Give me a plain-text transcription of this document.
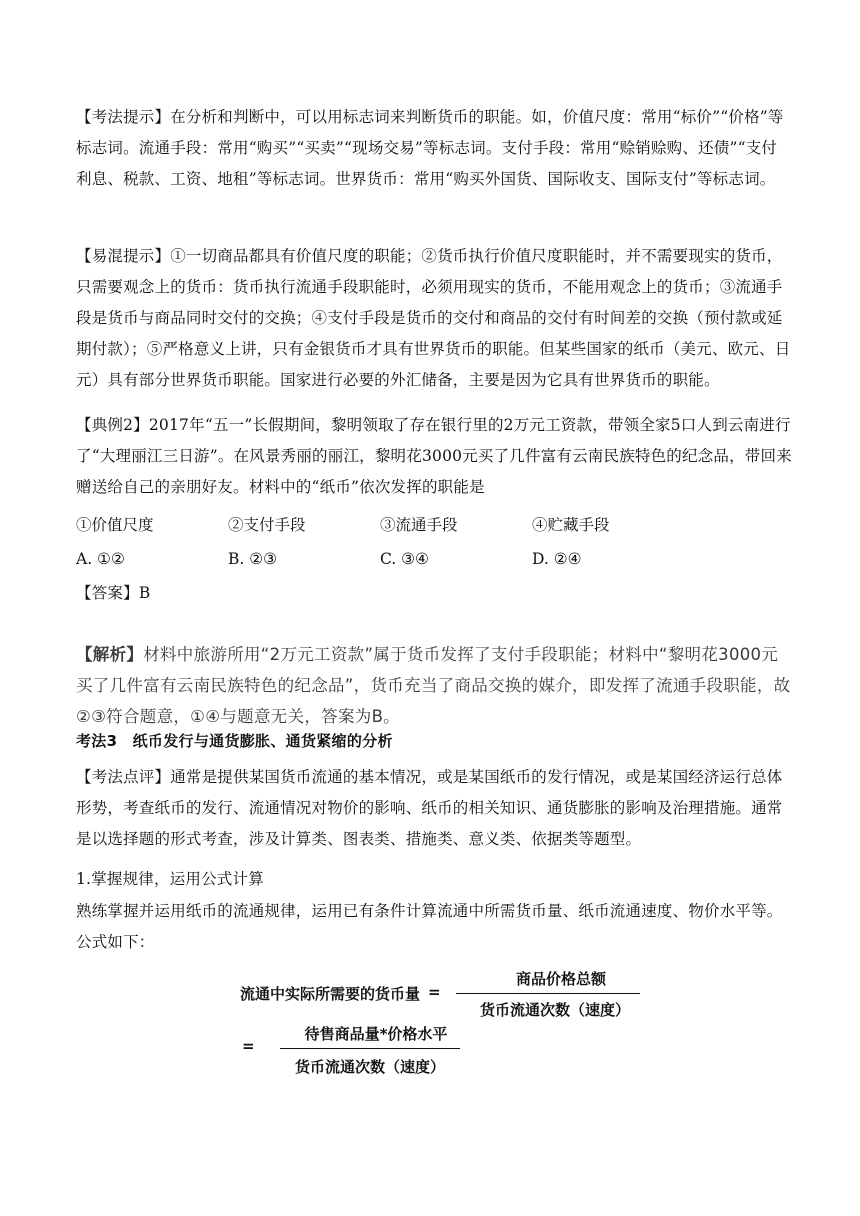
【考法提示】在分析和判断中，可以用标志词来判断货币的职能。如，价值尺度：常用“标价”“价格”等标志词。流通手段：常用“购买”“买卖”“现场交易”等标志词。支付手段：常用“赊销赊购、还债”“支付利息、税款、工资、地租”等标志词。世界货币：常用“购买外国货、国际收支、国际支付”等标志词。

【易混提示】①一切商品都具有价值尺度的职能；②货币执行价值尺度职能时，并不需要现实的货币，只需要观念上的货币：货币执行流通手段职能时，必须用现实的货币，不能用观念上的货币；③流通手段是货币与商品同时交付的交换；④支付手段是货币的交付和商品的交付有时间差的交换（预付款或延期付款）；⑤严格意义上讲，只有金银货币才具有世界货币的职能。但某些国家的纸币（美元、欧元、日元）具有部分世界货币职能。国家进行必要的外汇储备，主要是因为它具有世界货币的职能。

【典例2】2017年“五一”长假期间，黎明领取了存在银行里的2万元工资款，带领全家5口人到云南进行了“大理丽江三日游”。在风景秀丽的丽江，黎明花3000元买了几件富有云南民族特色的纪念品，带回来赠送给自己的亲朋好友。材料中的“纸币”依次发挥的职能是

①价值尺度	②支付手段	③流通手段	④贮藏手段
A. ①②	B. ②③	C. ③④	D. ②④

【答案】B

【解析】材料中旅游所用“2万元工资款”属于货币发挥了支付手段职能；材料中“黎明花3000元买了几件富有云南民族特色的纪念品”，货币充当了商品交换的媒介，即发挥了流通手段职能，故②③符合题意，①④与题意无关，答案为B。

考法3　纸币发行与通货膨胀、通货紧缩的分析

【考法点评】通常是提供某国货币流通的基本情况，或是某国纸币的发行情况，或是某国经济运行总体形势，考查纸币的发行、流通情况对物价的影响、纸币的相关知识、通货膨胀的影响及治理措施。通常是以选择题的形式考查，涉及计算类、图表类、措施类、意义类、依据类等题型。

1.掌握规律，运用公式计算

熟练掌握并运用纸币的流通规律，运用已有条件计算流通中所需货币量、纸币流通速度、物价水平等。公式如下：

流通中实际所需要的货币量 =
商品价格总额
货币流通次数（速度）
=
待售商品量*价格水平
货币流通次数（速度）
